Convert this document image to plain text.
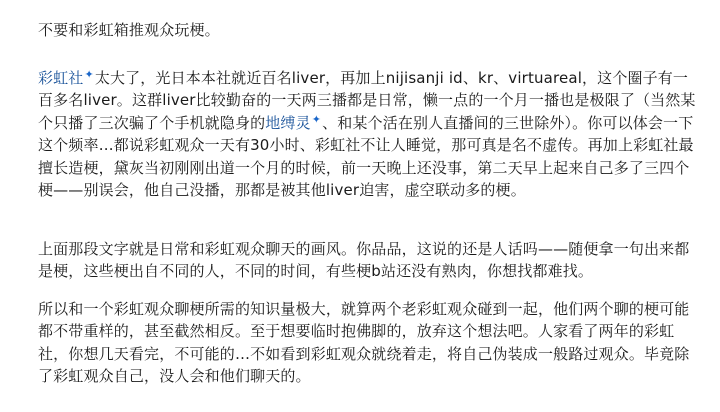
不要和彩虹箱推观众玩梗。

彩虹社✦太大了，光日本本社就近百名liver，再加上nijisanji id、kr、virtuareal，这个圈子有一百多名liver。这群liver比较勤奋的一天两三播都是日常，懒一点的一个月一播也是极限了（当然某个只播了三次骗了个手机就隐身的地缚灵✦、和某个活在别人直播间的三世除外）。你可以体会一下这个频率…都说彩虹观众一天有30小时、彩虹社不让人睡觉，那可真是名不虚传。再加上彩虹社最擅长造梗，黛灰当初刚刚出道一个月的时候，前一天晚上还没事，第二天早上起来自己多了三四个梗——别误会，他自己没播，那都是被其他liver迫害，虚空联动多的梗。

上面那段文字就是日常和彩虹观众聊天的画风。你品品，这说的还是人话吗——随便拿一句出来都是梗，这些梗出自不同的人，不同的时间，有些梗b站还没有熟肉，你想找都难找。

所以和一个彩虹观众聊梗所需的知识量极大，就算两个老彩虹观众碰到一起，他们两个聊的梗可能都不带重样的，甚至截然相反。至于想要临时抱佛脚的，放弃这个想法吧。人家看了两年的彩虹社，你想几天看完，不可能的…不如看到彩虹观众就绕着走，将自己伪装成一般路过观众。毕竟除了彩虹观众自己，没人会和他们聊天的。
